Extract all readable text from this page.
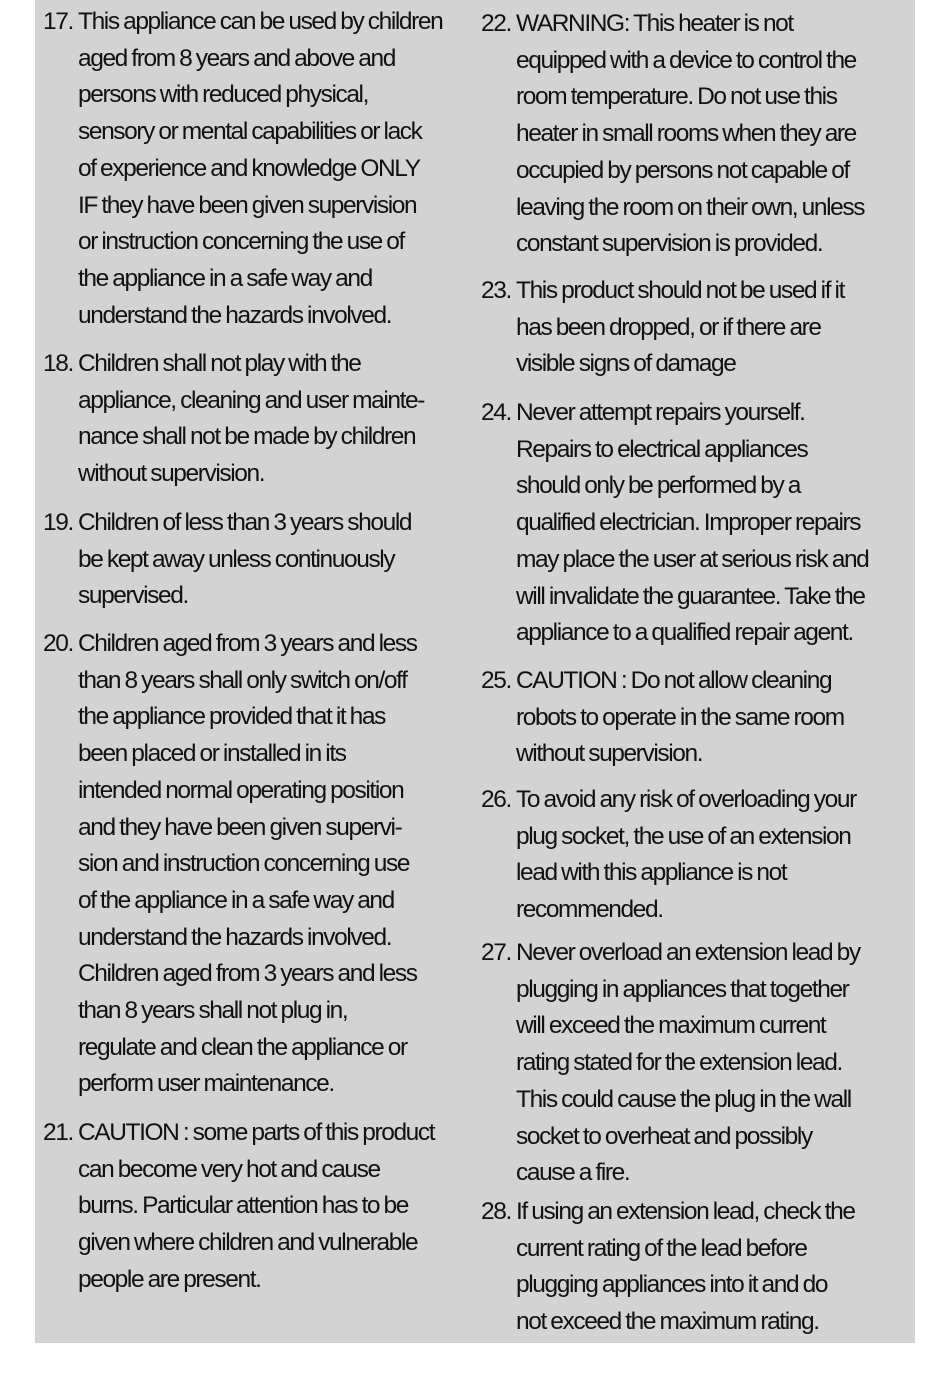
17. This appliance can be used by children
aged from 8 years and above and
persons with reduced physical,
sensory or mental capabilities or lack
of experience and knowledge ONLY
IF they have been given supervision
or instruction concerning the use of
the appliance in a safe way and
understand the hazards involved.
18. Children shall not play with the
appliance, cleaning and user mainte-
nance shall not be made by children
without supervision.
19. Children of less than 3 years should
be kept away unless continuously
supervised.
20. Children aged from 3 years and less
than 8 years shall only switch on/off
the appliance provided that it has
been placed or installed in its
intended normal operating position
and they have been given supervi-
sion and instruction concerning use
of the appliance in a safe way and
understand the hazards involved.
Children aged from 3 years and less
than 8 years shall not plug in,
regulate and clean the appliance or
perform user maintenance.
21. CAUTION : some parts of this product
can become very hot and cause
burns. Particular attention has to be
given where children and vulnerable
people are present.
22. WARNING: This heater is not
equipped with a device to control the
room temperature. Do not use this
heater in small rooms when they are
occupied by persons not capable of
leaving the room on their own, unless
constant supervision is provided.
23. This product should not be used if it
has been dropped, or if there are
visible signs of damage
24. Never attempt repairs yourself.
Repairs to electrical appliances
should only be performed by a
qualified electrician. Improper repairs
may place the user at serious risk and
will invalidate the guarantee. Take the
appliance to a qualified repair agent.
25. CAUTION : Do not allow cleaning
robots to operate in the same room
without supervision.
26. To avoid any risk of overloading your
plug socket, the use of an extension
lead with this appliance is not
recommended.
27. Never overload an extension lead by
plugging in appliances that together
will exceed the maximum current
rating stated for the extension lead.
This could cause the plug in the wall
socket to overheat and possibly
cause a fire.
28. If using an extension lead, check the
current rating of the lead before
plugging appliances into it and do
not exceed the maximum rating.
